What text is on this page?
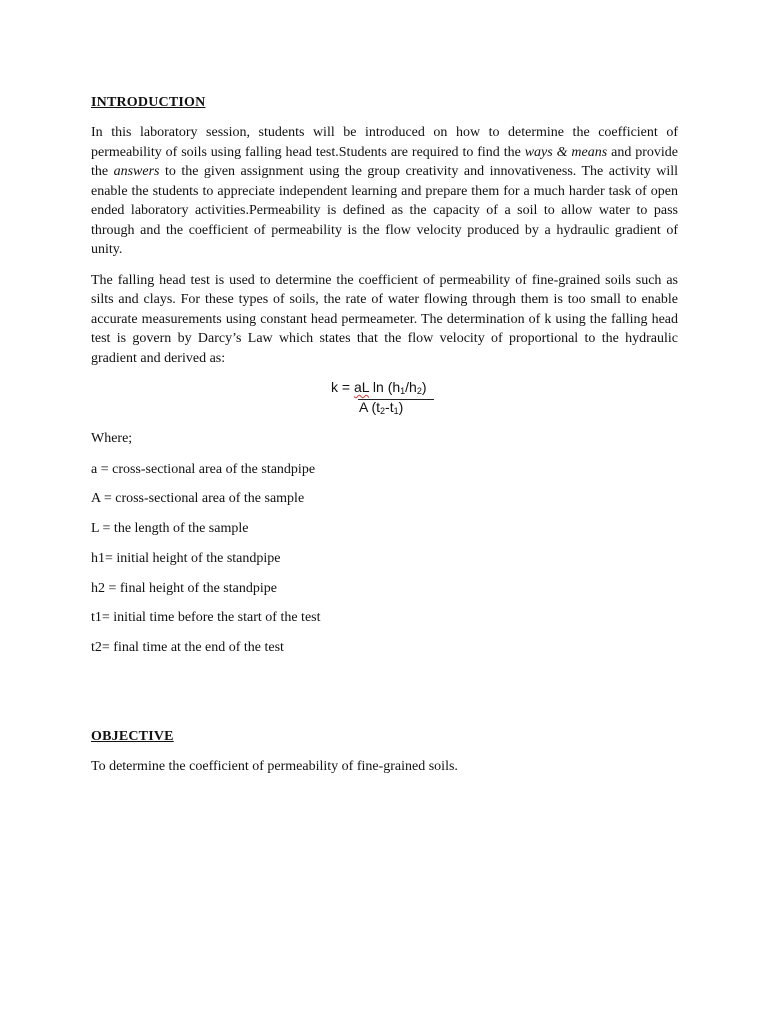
INTRODUCTION

In this laboratory session, students will be introduced on how to determine the coefficient of permeability of soils using falling head test.Students are required to find the ways & means and provide the answers to the given assignment using the group creativity and innovativeness. The activity will enable the students to appreciate independent learning and prepare them for a much harder task of open ended laboratory activities.Permeability is defined as the capacity of a soil to allow water to pass through and the coefficient of permeability is the flow velocity produced by a hydraulic gradient of unity.

The falling head test is used to determine the coefficient of permeability of fine-grained soils such as silts and clays. For these types of soils, the rate of water flowing through them is too small to enable accurate measurements using constant head permeameter. The determination of k using the falling head test is govern by Darcy’s Law which states that the flow velocity of proportional to the hydraulic gradient and derived as:

k = aL $\ln (h_1/h_2)$
A $(t_2-t_1)$

Where;

a = cross-sectional area of the standpipe
A = cross-sectional area of the sample
L = the length of the sample
h1= initial height of the standpipe
h2 = final height of the standpipe
t1= initial time before the start of the test
t2= final time at the end of the test
OBJECTIVE

To determine the coefficient of permeability of fine-grained soils.
